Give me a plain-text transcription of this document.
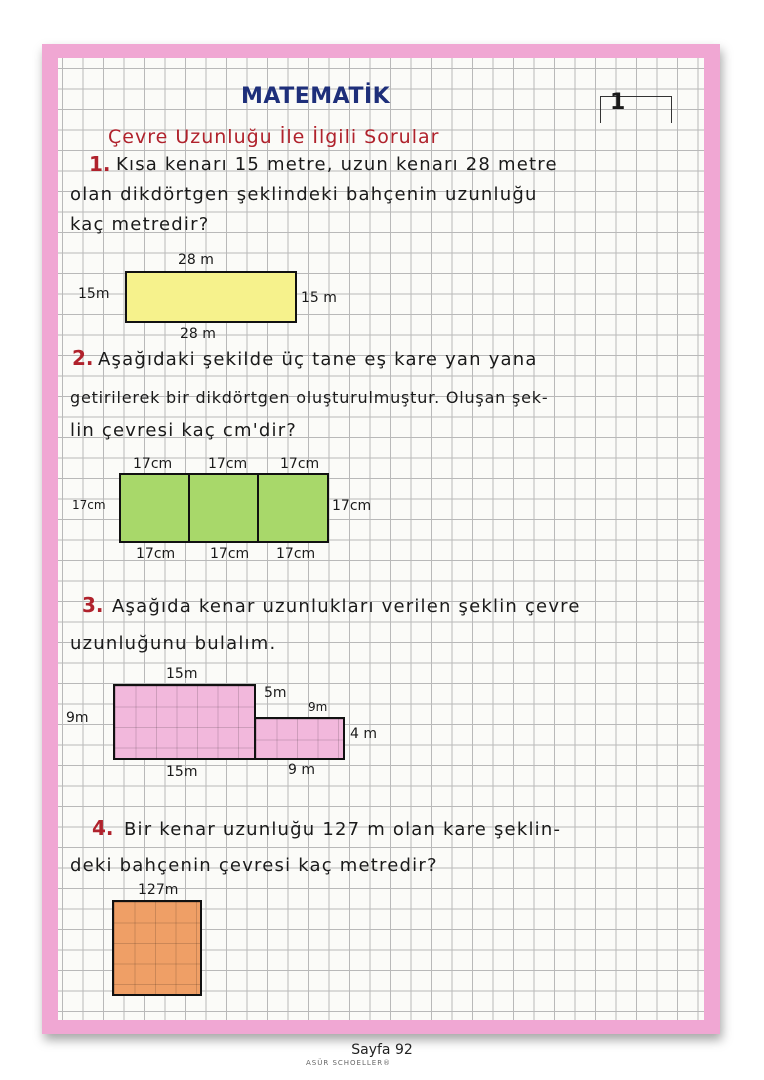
MATEMATİK	1
Çevre Uzunluğu İle İlgili Sorular
1. Kısa kenarı 15 metre, uzun kenarı 28 metre
olan dikdörtgen şeklindeki bahçenin uzunluğu
kaç metredir?
28 m
28 m
15m	15 m
2. Aşağıdaki şekilde üç tane eş kare yan yana
getirilerek bir dikdörtgen oluşturulmuştur. Oluşan şek-
lin çevresi kaç cm'dir?
17cm	17cm 17cm
17cm 17cm 17cm
17cm	17cm
3. Aşağıda kenar uzunlukları verilen şeklin çevre
uzunluğunu bulalım.
15m
9m
15m
5m
9m
4 m
9 m
4. Bir kenar uzunluğu 127 m olan kare şeklin-
deki bahçenin çevresi kaç metredir?
127m
ASÜR SCHOELLER®
Sayfa 92
